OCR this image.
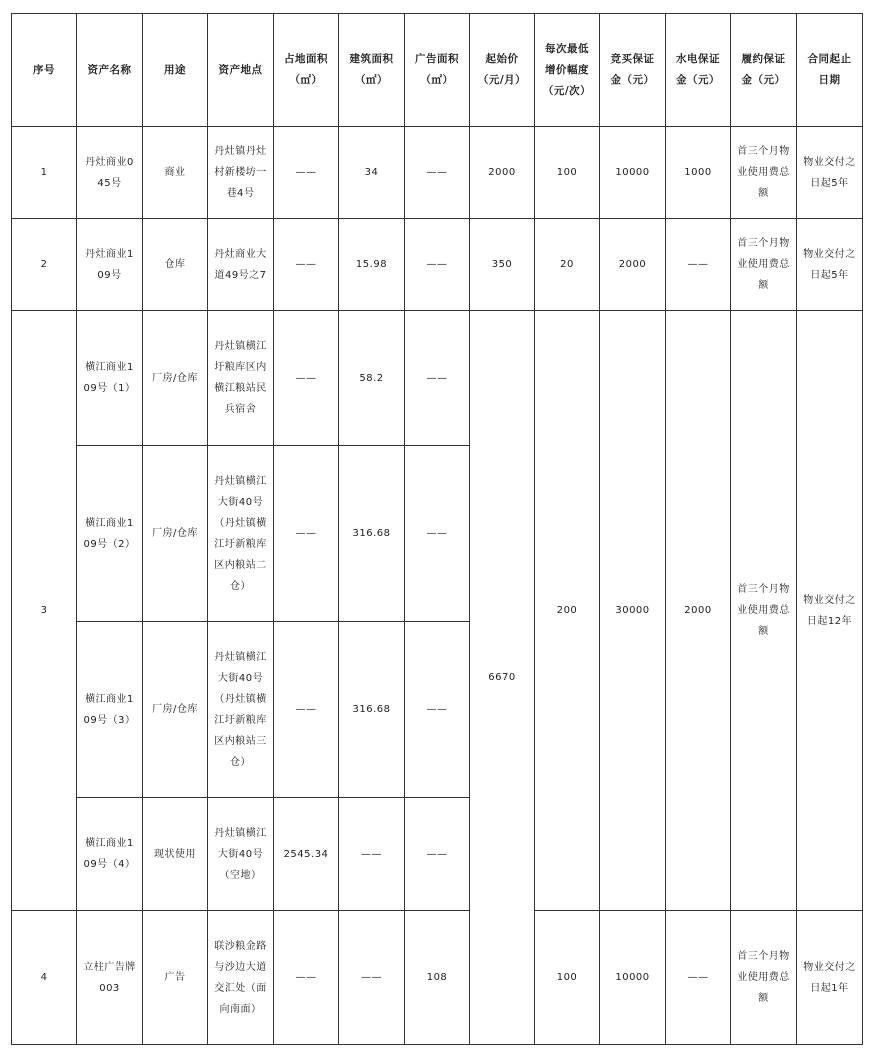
序号	资产名称	用途	资产地点	占地面积（㎡）	建筑面积（㎡）	广告面积（㎡）	起始价（元/月）	每次最低增价幅度（元/次）	竞买保证金（元）	水电保证金（元）	履约保证金（元）	合同起止日期
1	丹灶商业045号	商业	丹灶镇丹灶村新楼坊一巷4号	——	34	——	2000	100	10000	1000	首三个月物业使用费总额	物业交付之日起5年
2	丹灶商业109号	仓库	丹灶商业大道49号之7	——	15.98	——	350	20	2000	——	首三个月物业使用费总额	物业交付之日起5年
3	横江商业109号（1）	厂房/仓库	丹灶镇横江圩粮库区内横江粮站民兵宿舍	——	58.2	——	6670	200	30000	2000	首三个月物业使用费总额	物业交付之日起12年
	横江商业109号（2）	厂房/仓库	丹灶镇横江大街40号（丹灶镇横江圩新粮库区内粮站二仓）	——	316.68	——						
	横江商业109号（3）	厂房/仓库	丹灶镇横江大街40号（丹灶镇横江圩新粮库区内粮站三仓）	——	316.68	——						
	横江商业109号（4）	现状使用	丹灶镇横江大街40号（空地）	2545.34	——	——						
4	立柱广告牌003	广告	联沙粮金路与沙边大道交汇处（面向南面）	——	——	108		100	10000	——	首三个月物业使用费总额	物业交付之日起1年
